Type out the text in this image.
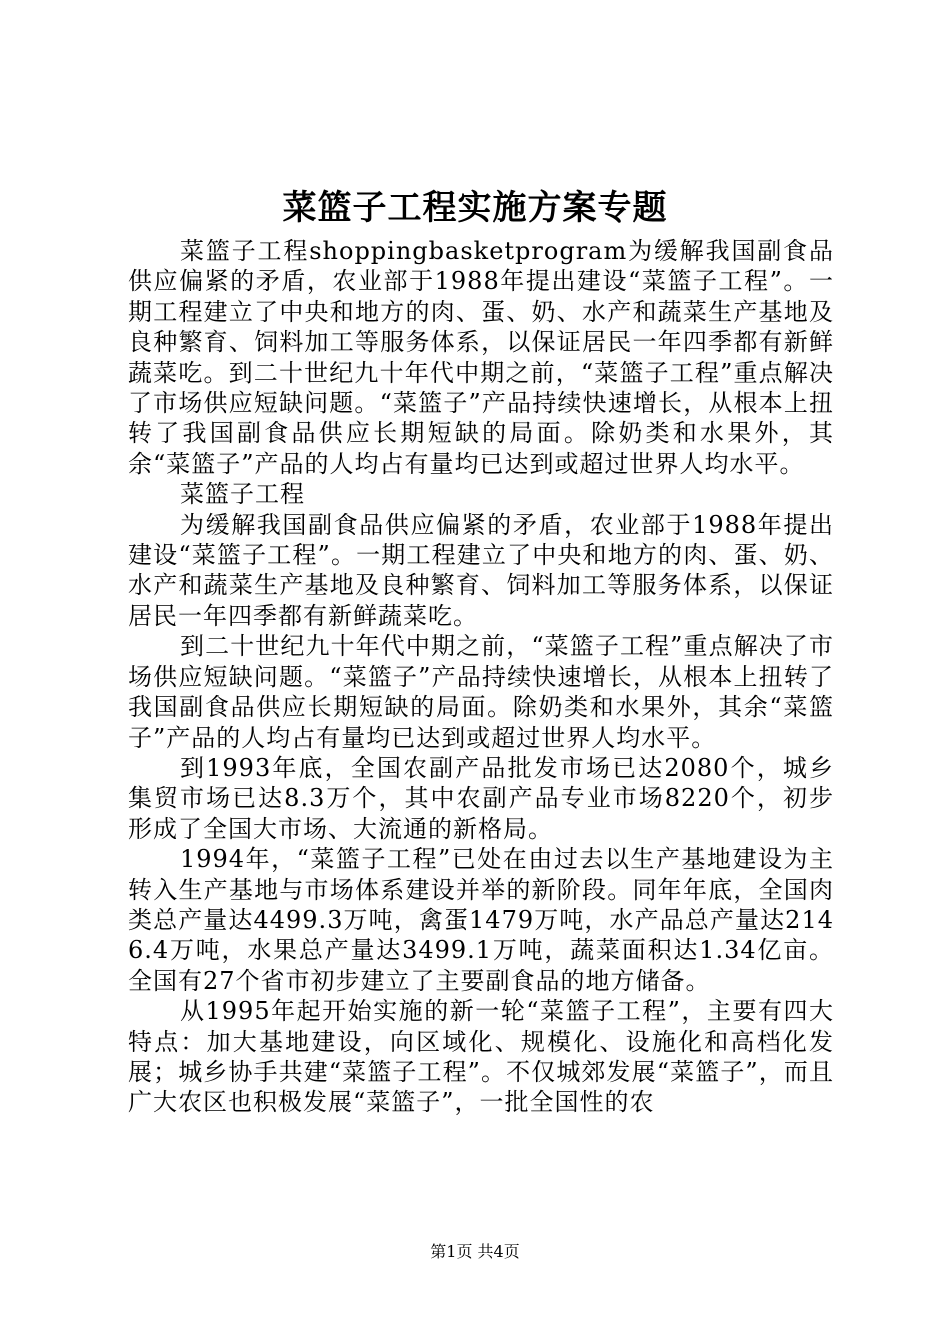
菜篮子工程实施方案专题

菜篮子工程shoppingbasketprogram为缓解我国副食品供应偏紧的矛盾，农业部于1988年提出建设“菜篮子工程”。一期工程建立了中央和地方的肉、蛋、奶、水产和蔬菜生产基地及良种繁育、饲料加工等服务体系，以保证居民一年四季都有新鲜蔬菜吃。到二十世纪九十年代中期之前，“菜篮子工程”重点解决了市场供应短缺问题。“菜篮子”产品持续快速增长，从根本上扭转了我国副食品供应长期短缺的局面。除奶类和水果外，其余“菜篮子”产品的人均占有量均已达到或超过世界人均水平。

菜篮子工程

为缓解我国副食品供应偏紧的矛盾，农业部于1988年提出建设“菜篮子工程”。一期工程建立了中央和地方的肉、蛋、奶、水产和蔬菜生产基地及良种繁育、饲料加工等服务体系，以保证居民一年四季都有新鲜蔬菜吃。

到二十世纪九十年代中期之前，“菜篮子工程”重点解决了市场供应短缺问题。“菜篮子”产品持续快速增长，从根本上扭转了我国副食品供应长期短缺的局面。除奶类和水果外，其余“菜篮子”产品的人均占有量均已达到或超过世界人均水平。

到1993年底，全国农副产品批发市场已达2080个，城乡集贸市场已达8.3万个，其中农副产品专业市场8220个，初步形成了全国大市场、大流通的新格局。

1994年，“菜篮子工程”已处在由过去以生产基地建设为主转入生产基地与市场体系建设并举的新阶段。同年年底，全国肉类总产量达4499.3万吨，禽蛋1479万吨，水产品总产量达2146.4万吨，水果总产量达3499.1万吨，蔬菜面积达1.34亿亩。全国有27个省市初步建立了主要副食品的地方储备。

从1995年起开始实施的新一轮“菜篮子工程”，主要有四大特点：加大基地建设，向区域化、规模化、设施化和高档化发展；城乡协手共建“菜篮子工程”。不仅城郊发展“菜篮子”，而且广大农区也积极发展“菜篮子”，一批全国性的农

第1页 共4页
